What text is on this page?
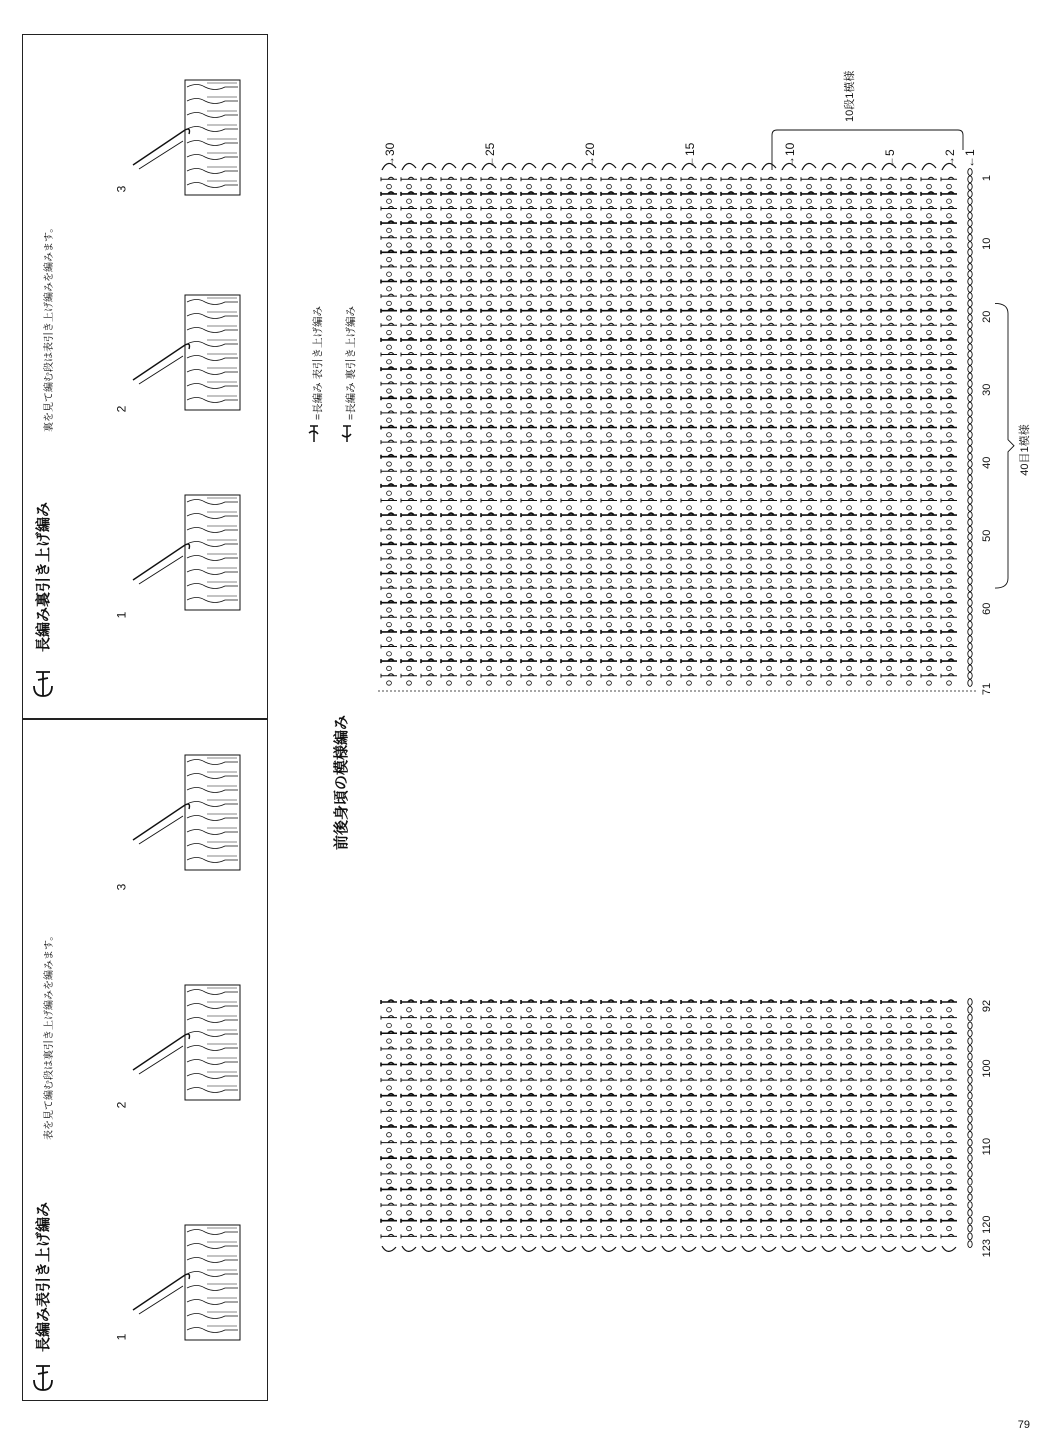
長編み裏引き上げ編み
裏を見て編む段は表引き上げ編みを編みます。
長編み表引き上げ編み
表を見て編む段は裏引き上げ編みを編みます。
3
2
1
3
2
1
前後身頃の模様編み
=長編み 表引き上げ編み =長編み 裏引き上げ編み
→30	←25	→20	←15	→10	←5	→2 ←1
10段1模様
1
10
20
30
40
50
60
71
92
100
110
120
123
40目1模様
79
